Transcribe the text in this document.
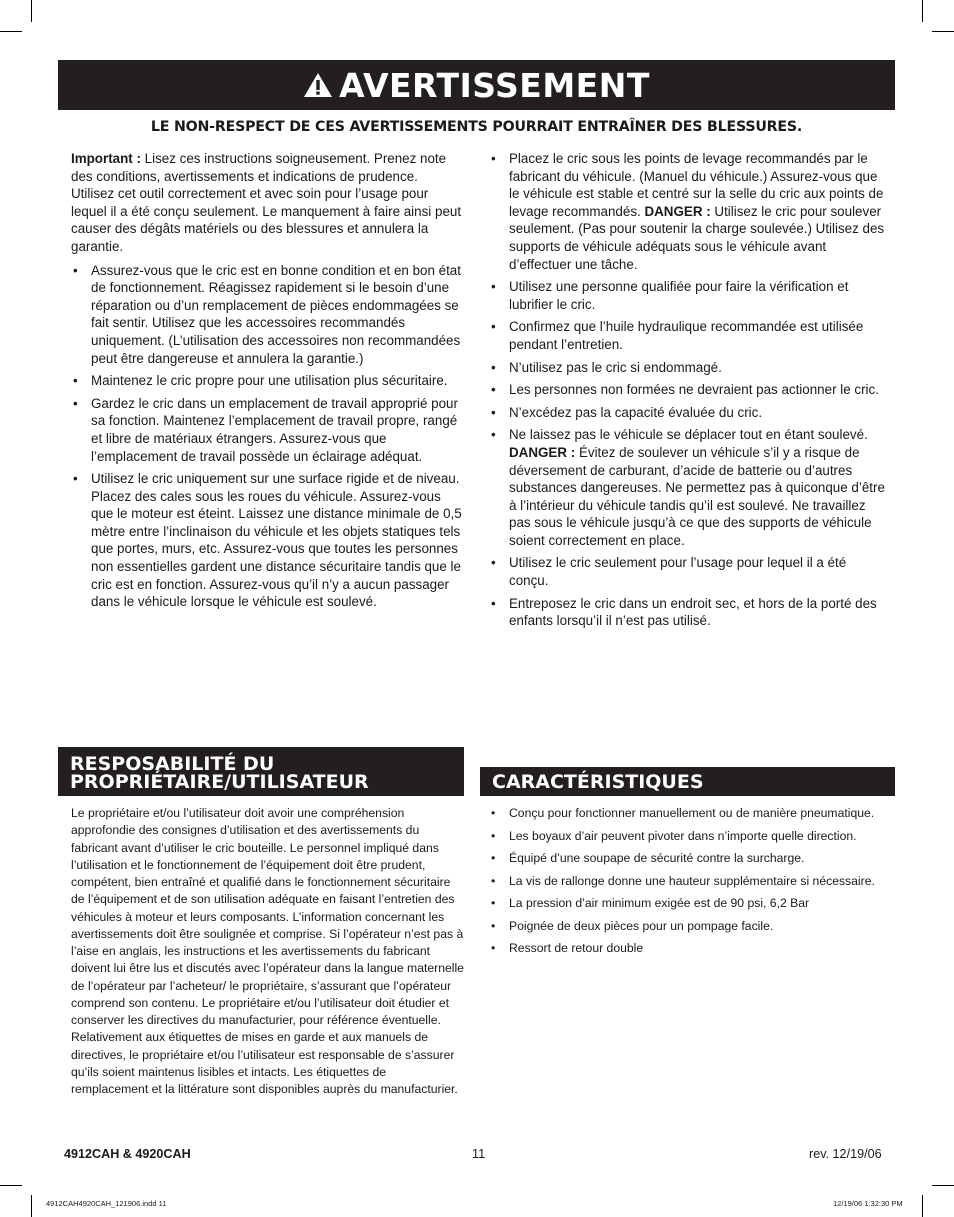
AVERTISSEMENT
LE NON-RESPECT DE CES AVERTISSEMENTS POURRAIT ENTRAÎNER DES BLESSURES.

Important : Lisez ces instructions soigneusement. Prenez note des conditions, avertissements et indications de prudence. Utilisez cet outil correctement et avec soin pour l’usage pour lequel il a été conçu seulement. Le manquement à faire ainsi peut causer des dégâts matériels ou des blessures et annulera la garantie.

• Assurez-vous que le cric est en bonne condition et en bon état de fonctionnement. Réagissez rapidement si le besoin d’une réparation ou d’un remplacement de pièces endommagées se fait sentir. Utilisez que les accessoires recommandés uniquement. (L’utilisation des accessoires non recommandées peut être dangereuse et annulera la garantie.)
• Maintenez le cric propre pour une utilisation plus sécuritaire.
• Gardez le cric dans un emplacement de travail approprié pour sa fonction. Maintenez l’emplacement de travail propre, rangé et libre de matériaux étrangers. Assurez-vous que l’emplacement de travail possède un éclairage adéquat.
• Utilisez le cric uniquement sur une surface rigide et de niveau. Placez des cales sous les roues du véhicule. Assurez-vous que le moteur est éteint. Laissez une distance minimale de 0,5 mètre entre l’inclinaison du véhicule et les objets statiques tels que portes, murs, etc. Assurez-vous que toutes les personnes non essentielles gardent une distance sécuritaire tandis que le cric est en fonction. Assurez-vous qu’il n’y a aucun passager dans le véhicule lorsque le véhicule est soulevé.
• Placez le cric sous les points de levage recommandés par le fabricant du véhicule. (Manuel du véhicule.) Assurez-vous que le véhicule est stable et centré sur la selle du cric aux points de levage recommandés. DANGER : Utilisez le cric pour soulever seulement. (Pas pour soutenir la charge soulevée.) Utilisez des supports de véhicule adéquats sous le véhicule avant d’effectuer une tâche.
• Utilisez une personne qualifiée pour faire la vérification et lubrifier le cric.
• Confirmez que l’huile hydraulique recommandée est utilisée pendant l’entretien.
• N’utilisez pas le cric si endommagé.
• Les personnes non formées ne devraient pas actionner le cric.
• N’excédez pas la capacité évaluée du cric.
• Ne laissez pas le véhicule se déplacer tout en étant soulevé. DANGER : Évitez de soulever un véhicule s’il y a risque de déversement de carburant, d’acide de batterie ou d’autres substances dangereuses. Ne permettez pas à quiconque d’être à l’intérieur du véhicule tandis qu’il est soulevé. Ne travaillez pas sous le véhicule jusqu’à ce que des supports de véhicule soient correctement en place.
• Utilisez le cric seulement pour l’usage pour lequel il a été conçu.
• Entreposez le cric dans un endroit sec, et hors de la porté des enfants lorsqu’il il n’est pas utilisé.
RESPOSABILITÉ DU
PROPRIÉTAIRE/UTILISATEUR	CARACTÉRISTIQUES
Le propriétaire et/ou l’utilisateur doit avoir une compréhension approfondie des consignes d’utilisation et des avertissements du fabricant avant d’utiliser le cric bouteille. Le personnel impliqué dans l’utilisation et le fonctionnement de l’équipement doit être prudent, compétent, bien entraîné et qualifié dans le fonctionnement sécuritaire de l’équipement et de son utilisation adéquate en faisant l’entretien des véhicules à moteur et leurs composants. L’information concernant les avertissements doit être soulignée et comprise. Si l’opérateur n’est pas à l’aise en anglais, les instructions et les avertissements du fabricant doivent lui être lus et discutés avec l’opérateur dans la langue maternelle de l’opérateur par l’acheteur/ le propriétaire, s’assurant que l’opérateur comprend son contenu. Le propriétaire et/ou l’utilisateur doit étudier et conserver les directives du manufacturier, pour référence éventuelle. Relativement aux étiquettes de mises en garde et aux manuels de directives, le propriétaire et/ou l’utilisateur est responsable de s’assurer qu’ils soient maintenus lisibles et intacts. Les étiquettes de remplacement et la littérature sont disponibles auprès du manufacturier.
• Conçu pour fonctionner manuellement ou de manière pneumatique.
• Les boyaux d’air peuvent pivoter dans n’importe quelle direction.
• Équipé d’une soupape de sécurité contre la surcharge.
• La vis de rallonge donne une hauteur supplémentaire si nécessaire.
• La pression d’air minimum exigée est de 90 psi, 6,2 Bar
• Poignée de deux pièces pour un pompage facile.
• Ressort de retour double
4912CAH & 4920CAH	11	rev. 12/19/06
4912CAH4920CAH_121906.indd 11	12/19/06 1:32:30 PM
